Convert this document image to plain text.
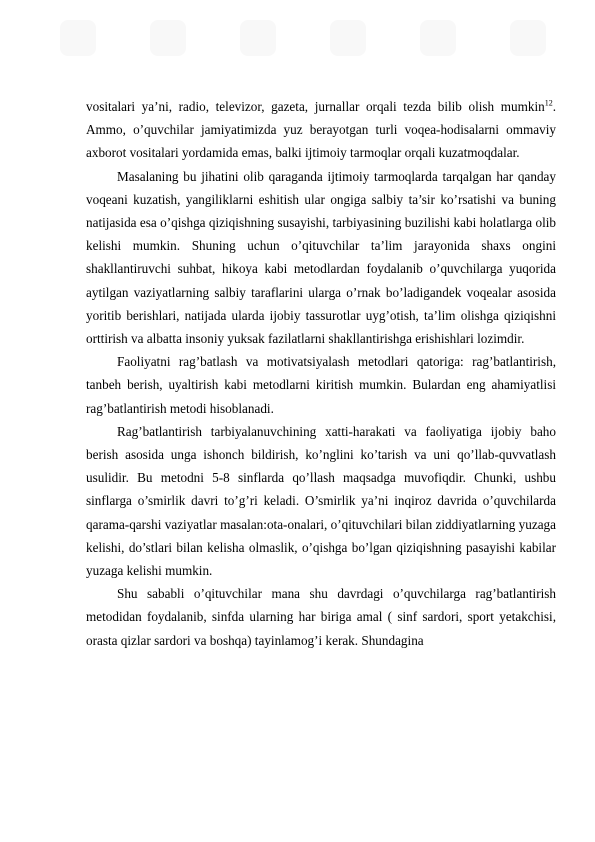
vositalari ya’ni, radio, televizor, gazeta, jurnallar orqali tezda bilib olish mumkin$^{12}$. Ammo, o’quvchilar jamiyatimizda yuz berayotgan turli voqea-hodisalarni ommaviy axborot vositalari yordamida emas, balki ijtimoiy tarmoqlar orqali kuzatmoqdalar.

Masalaning bu jihatini olib qaraganda ijtimoiy tarmoqlarda tarqalgan har qanday voqeani kuzatish, yangiliklarni eshitish ular ongiga salbiy ta’sir ko’rsatishi va buning natijasida esa o’qishga qiziqishning susayishi, tarbiyasining buzilishi kabi holatlarga olib kelishi mumkin. Shuning uchun o’qituvchilar ta’lim jarayonida shaxs ongini shakllantiruvchi suhbat, hikoya kabi metodlardan foydalanib o’quvchilarga yuqorida aytilgan vaziyatlarning salbiy taraflarini ularga o’rnak bo’ladigandek voqealar asosida yoritib berishlari, natijada ularda ijobiy tassurotlar uyg’otish, ta’lim olishga qiziqishni orttirish va albatta insoniy yuksak fazilatlarni shakllantirishga erishishlari lozimdir.

Faoliyatni rag’batlash va motivatsiyalash metodlari qatoriga: rag’batlantirish, tanbeh berish, uyaltirish kabi metodlarni kiritish mumkin. Bulardan eng ahamiyatlisi rag’batlantirish metodi hisoblanadi.

Rag’batlantirish tarbiyalanuvchining xatti-harakati va faoliyatiga ijobiy baho berish asosida unga ishonch bildirish, ko’nglini ko’tarish va uni qo’llab-quvvatlash usulidir. Bu metodni 5-8 sinflarda qo’llash maqsadga muvofiqdir. Chunki, ushbu sinflarga o’smirlik davri to’g’ri keladi. O’smirlik ya’ni inqiroz davrida o’quvchilarda qarama-qarshi vaziyatlar masalan:ota-onalari, o’qituvchilari bilan ziddiyatlarning yuzaga kelishi, do’stlari bilan kelisha olmaslik, o’qishga bo’lgan qiziqishning pasayishi kabilar yuzaga kelishi mumkin.

Shu sababli o’qituvchilar mana shu davrdagi o’quvchilarga rag’batlantirish metodidan foydalanib, sinfda ularning har biriga amal ( sinf sardori, sport yetakchisi, orasta qizlar sardori va boshqa) tayinlamog’i kerak. Shundagina
